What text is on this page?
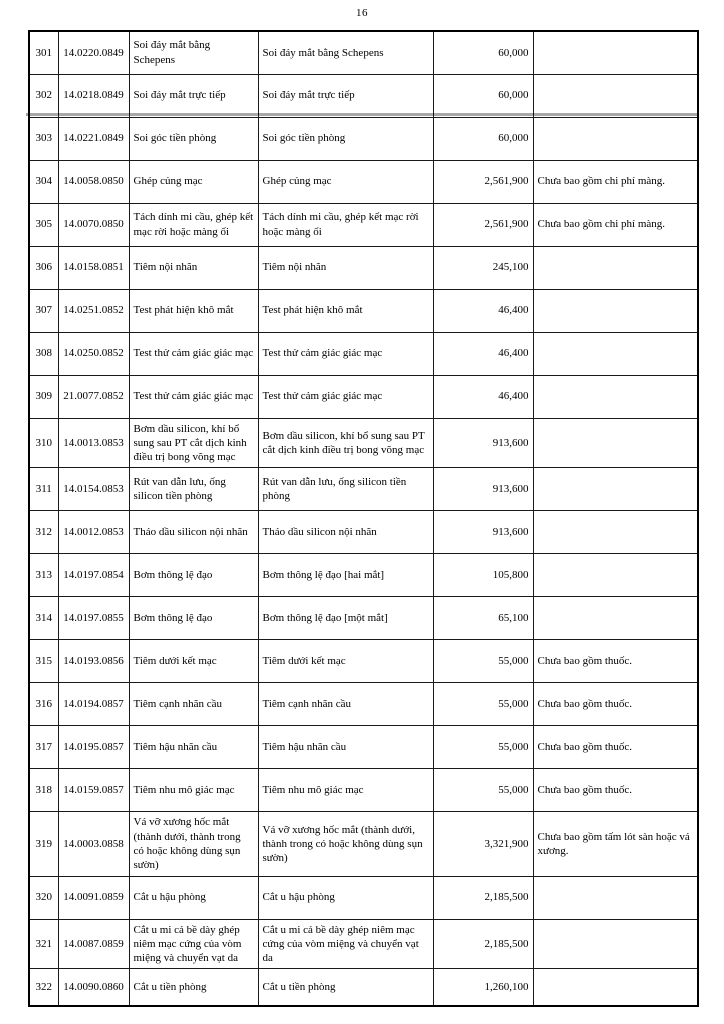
16
301	14.0220.0849	Soi đáy mắt bằng Schepens	Soi đáy mắt bằng Schepens	60,000	
302	14.0218.0849	Soi đáy mắt trực tiếp	Soi đáy mắt trực tiếp	60,000	
303	14.0221.0849	Soi góc tiền phòng	Soi góc tiền phòng	60,000	
304	14.0058.0850	Ghép củng mạc	Ghép củng mạc	2,561,900	Chưa bao gồm chi phí màng.
305	14.0070.0850	Tách dính mi cầu, ghép kết mạc rời hoặc màng ối	Tách dính mi cầu, ghép kết mạc rời hoặc màng ối	2,561,900	Chưa bao gồm chi phí màng.
306	14.0158.0851	Tiêm nội nhãn	Tiêm nội nhãn	245,100	
307	14.0251.0852	Test phát hiện khô mắt	Test phát hiện khô mắt	46,400	
308	14.0250.0852	Test thử cảm giác giác mạc	Test thử cảm giác giác mạc	46,400	
309	21.0077.0852	Test thử cảm giác giác mạc	Test thử cảm giác giác mạc	46,400	
310	14.0013.0853	Bơm dầu silicon, khí bổ sung sau PT cắt dịch kinh điều trị bong võng mạc	Bơm dầu silicon, khí bổ sung sau PT cắt dịch kinh điều trị bong võng mạc	913,600	
311	14.0154.0853	Rút van dẫn lưu, ống silicon tiền phòng	Rút van dẫn lưu, ống silicon tiền phòng	913,600	
312	14.0012.0853	Tháo dầu silicon nội nhãn	Tháo dầu silicon nội nhãn	913,600	
313	14.0197.0854	Bơm thông lệ đạo	Bơm thông lệ đạo [hai mắt]	105,800	
314	14.0197.0855	Bơm thông lệ đạo	Bơm thông lệ đạo [một mắt]	65,100	
315	14.0193.0856	Tiêm dưới kết mạc	Tiêm dưới kết mạc	55,000	Chưa bao gồm thuốc.
316	14.0194.0857	Tiêm cạnh nhãn cầu	Tiêm cạnh nhãn cầu	55,000	Chưa bao gồm thuốc.
317	14.0195.0857	Tiêm hậu nhãn cầu	Tiêm hậu nhãn cầu	55,000	Chưa bao gồm thuốc.
318	14.0159.0857	Tiêm nhu mô giác mạc	Tiêm nhu mô giác mạc	55,000	Chưa bao gồm thuốc.
319	14.0003.0858	Vá vỡ xương hốc mắt (thành dưới, thành trong có hoặc không dùng sụn sườn)	Vá vỡ xương hốc mắt (thành dưới, thành trong có hoặc không dùng sụn sườn)	3,321,900	Chưa bao gồm tấm lót sàn hoặc vá xương.
320	14.0091.0859	Cắt u hậu phòng	Cắt u hậu phòng	2,185,500	
321	14.0087.0859	Cắt u mi cả bề dày ghép niêm mạc cứng của vòm miệng và chuyển vạt da	Cắt u mi cả bề dày ghép niêm mạc cứng của vòm miệng và chuyển vạt da	2,185,500	
322	14.0090.0860	Cắt u tiền phòng	Cắt u tiền phòng	1,260,100	
